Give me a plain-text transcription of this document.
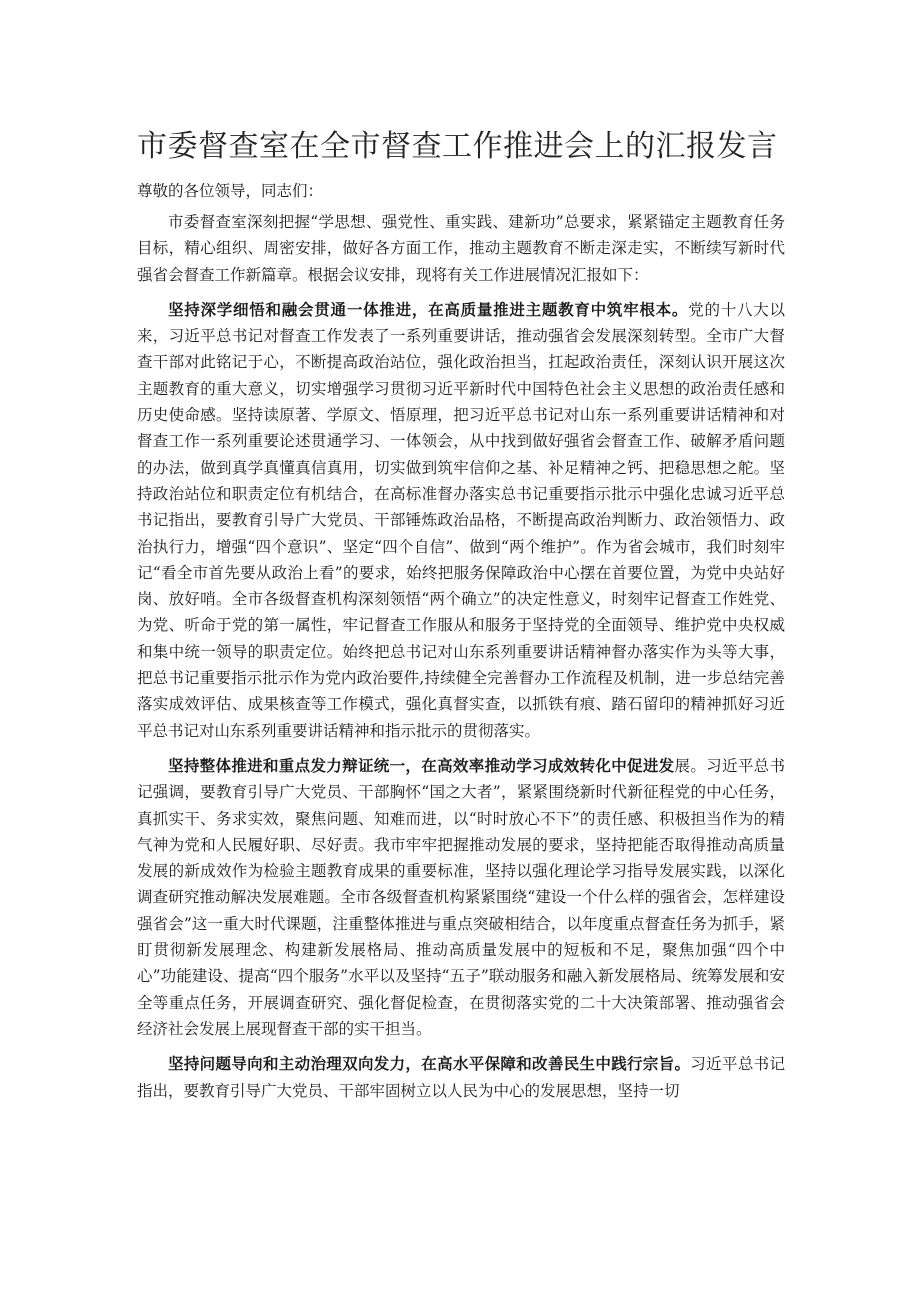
市委督查室在全市督查工作推进会上的汇报发言

尊敬的各位领导，同志们：

市委督查室深刻把握“学思想、强党性、重实践、建新功”总要求，紧紧锚定主题教育任务目标，精心组织、周密安排，做好各方面工作，推动主题教育不断走深走实，不断续写新时代强省会督查工作新篇章。根据会议安排，现将有关工作进展情况汇报如下：

坚持深学细悟和融会贯通一体推进，在高质量推进主题教育中筑牢根本。党的十八大以来，习近平总书记对督查工作发表了一系列重要讲话，推动强省会发展深刻转型。全市广大督查干部对此铭记于心，不断提高政治站位，强化政治担当，扛起政治责任，深刻认识开展这次主题教育的重大意义，切实增强学习贯彻习近平新时代中国特色社会主义思想的政治责任感和历史使命感。坚持读原著、学原文、悟原理，把习近平总书记对山东一系列重要讲话精神和对督查工作一系列重要论述贯通学习、一体领会，从中找到做好强省会督查工作、破解矛盾问题的办法，做到真学真懂真信真用，切实做到筑牢信仰之基、补足精神之钙、把稳思想之舵。坚持政治站位和职责定位有机结合，在高标准督办落实总书记重要指示批示中强化忠诚习近平总书记指出，要教育引导广大党员、干部锤炼政治品格，不断提高政治判断力、政治领悟力、政治执行力，增强“四个意识”、坚定“四个自信”、做到“两个维护”。作为省会城市，我们时刻牢记“看全市首先要从政治上看”的要求，始终把服务保障政治中心摆在首要位置，为党中央站好岗、放好哨。全市各级督查机构深刻领悟“两个确立”的决定性意义，时刻牢记督查工作姓党、为党、听命于党的第一属性，牢记督查工作服从和服务于坚持党的全面领导、维护党中央权威和集中统一领导的职责定位。始终把总书记对山东系列重要讲话精神督办落实作为头等大事，把总书记重要指示批示作为党内政治要件,持续健全完善督办工作流程及机制，进一步总结完善落实成效评估、成果核查等工作模式，强化真督实查，以抓铁有痕、踏石留印的精神抓好习近平总书记对山东系列重要讲话精神和指示批示的贯彻落实。

坚持整体推进和重点发力辩证统一，在高效率推动学习成效转化中促进发展。习近平总书记强调，要教育引导广大党员、干部胸怀“国之大者”，紧紧围绕新时代新征程党的中心任务，真抓实干、务求实效，聚焦问题、知难而进，以“时时放心不下”的责任感、积极担当作为的精气神为党和人民履好职、尽好责。我市牢牢把握推动发展的要求，坚持把能否取得推动高质量发展的新成效作为检验主题教育成果的重要标准，坚持以强化理论学习指导发展实践，以深化调查研究推动解决发展难题。全市各级督查机构紧紧围绕“建设一个什么样的强省会，怎样建设强省会”这一重大时代课题，注重整体推进与重点突破相结合，以年度重点督查任务为抓手，紧盯贯彻新发展理念、构建新发展格局、推动高质量发展中的短板和不足，聚焦加强“四个中心”功能建设、提高“四个服务”水平以及坚持“五子”联动服务和融入新发展格局、统筹发展和安全等重点任务，开展调查研究、强化督促检查，在贯彻落实党的二十大决策部署、推动强省会经济社会发展上展现督查干部的实干担当。

坚持问题导向和主动治理双向发力，在高水平保障和改善民生中践行宗旨。习近平总书记指出，要教育引导广大党员、干部牢固树立以人民为中心的发展思想，坚持一切
